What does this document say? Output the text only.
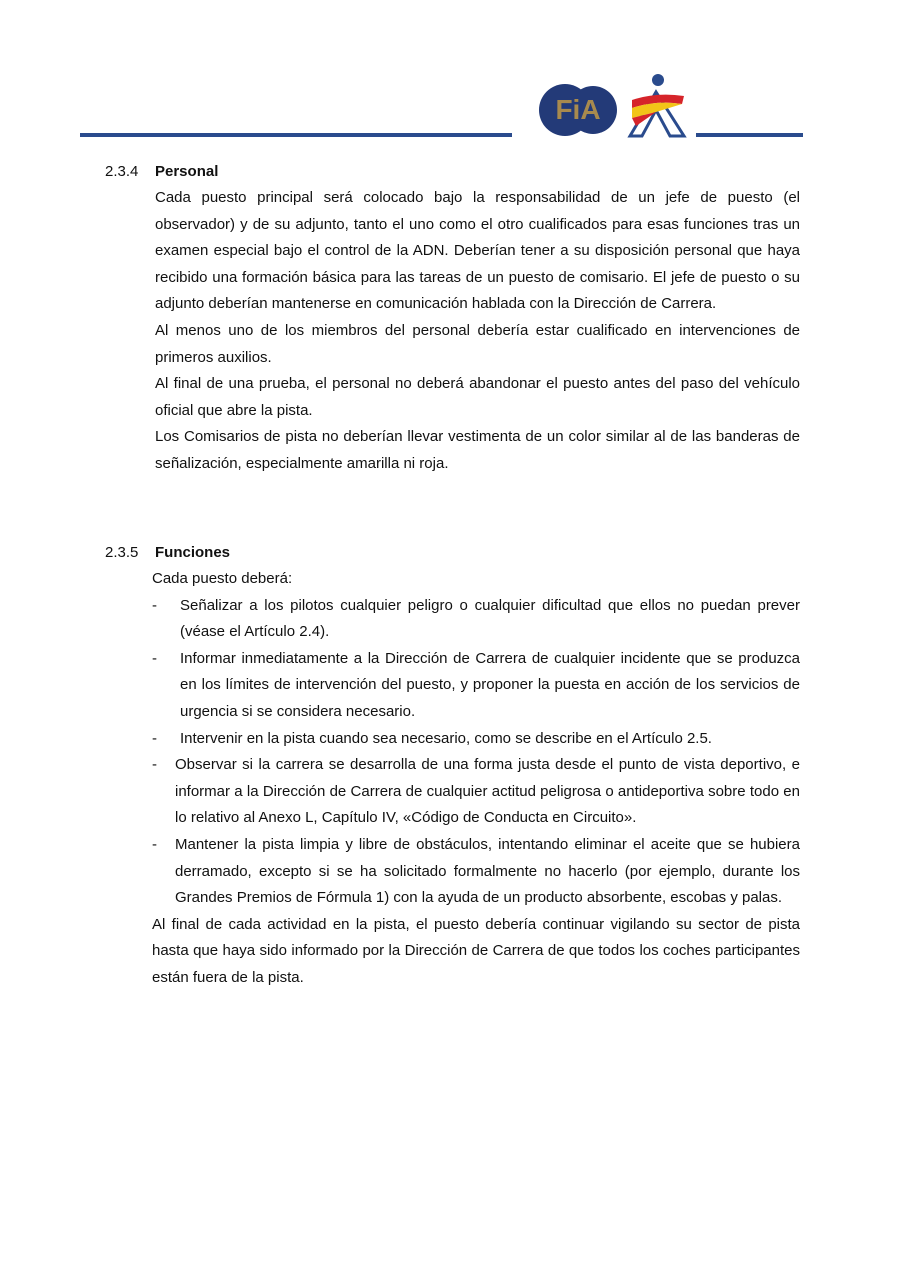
FiA
2.3.4 Personal

Cada puesto principal será colocado bajo la responsabilidad de un jefe de puesto (el observador) y de su adjunto, tanto el uno como el otro cualificados para esas funciones tras un examen especial bajo el control de la ADN. Deberían tener a su disposición personal que haya recibido una formación básica para las tareas de un puesto de comisario. El jefe de puesto o su adjunto deberían mantenerse en comunicación hablada con la Dirección de Carrera.

Al menos uno de los miembros del personal debería estar cualificado en intervenciones de primeros auxilios.

Al final de una prueba, el personal no deberá abandonar el puesto antes del paso del vehículo oficial que abre la pista.

Los Comisarios de pista no deberían llevar vestimenta de un color similar al de las banderas de señalización, especialmente amarilla ni roja.

2.3.5 Funciones

Cada puesto deberá:

- Señalizar a los pilotos cualquier peligro o cualquier dificultad que ellos no puedan prever (véase el Artículo 2.4).
- Informar inmediatamente a la Dirección de Carrera de cualquier incidente que se produzca en los límites de intervención del puesto, y proponer la puesta en acción de los servicios de urgencia si se considera necesario.
- Intervenir en la pista cuando sea necesario, como se describe en el Artículo 2.5.
- Observar si la carrera se desarrolla de una forma justa desde el punto de vista deportivo, e informar a la Dirección de Carrera de cualquier actitud peligrosa o antideportiva sobre todo en lo relativo al Anexo L, Capítulo IV, «Código de Conducta en Circuito».
- Mantener la pista limpia y libre de obstáculos, intentando eliminar el aceite que se hubiera derramado, excepto si se ha solicitado formalmente no hacerlo (por ejemplo, durante los Grandes Premios de Fórmula 1) con la ayuda de un producto absorbente, escobas y palas.

Al final de cada actividad en la pista, el puesto debería continuar vigilando su sector de pista hasta que haya sido informado por la Dirección de Carrera de que todos los coches participantes están fuera de la pista.
